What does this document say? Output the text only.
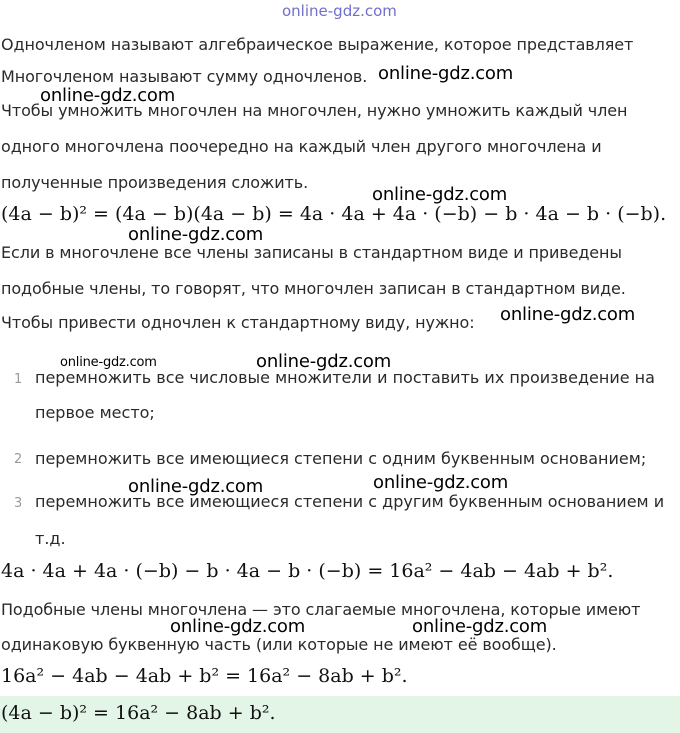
online-gdz.com
Одночленом называют алгебраическое выражение, которое представляет
Многочленом называют сумму одночленов.
Чтобы умножить многочлен на многочлен, нужно умножить каждый член
одного многочлена поочередно на каждый член другого многочлена и
полученные произведения сложить.
(4a − b)² = (4a − b)(4a − b) = 4a · 4a + 4a · (−b) − b · 4a − b · (−b).
Если в многочлене все члены записаны в стандартном виде и приведены
подобные члены, то говорят, что многочлен записан в стандартном виде.
Чтобы привести одночлен к стандартному виду, нужно:
1 перемножить все числовые множители и поставить их произведение на
первое место;
2 перемножить все имеющиеся степени с одним буквенным основанием;
3 перемножить все имеющиеся степени с другим буквенным основанием и
т.д.
4a · 4a + 4a · (−b) − b · 4a − b · (−b) = 16a² − 4ab − 4ab + b².
Подобные члены многочлена — это слагаемые многочлена, которые имеют
одинаковую буквенную часть (или которые не имеют её вообще).
16a² − 4ab − 4ab + b² = 16a² − 8ab + b².
(4a − b)² = 16a² − 8ab + b².
online-gdz.com
online-gdz.com
online-gdz.com
online-gdz.com
online-gdz.com
online-gdz.com	online-gdz.com
online-gdz.com	online-gdz.com
online-gdz.com	online-gdz.com
